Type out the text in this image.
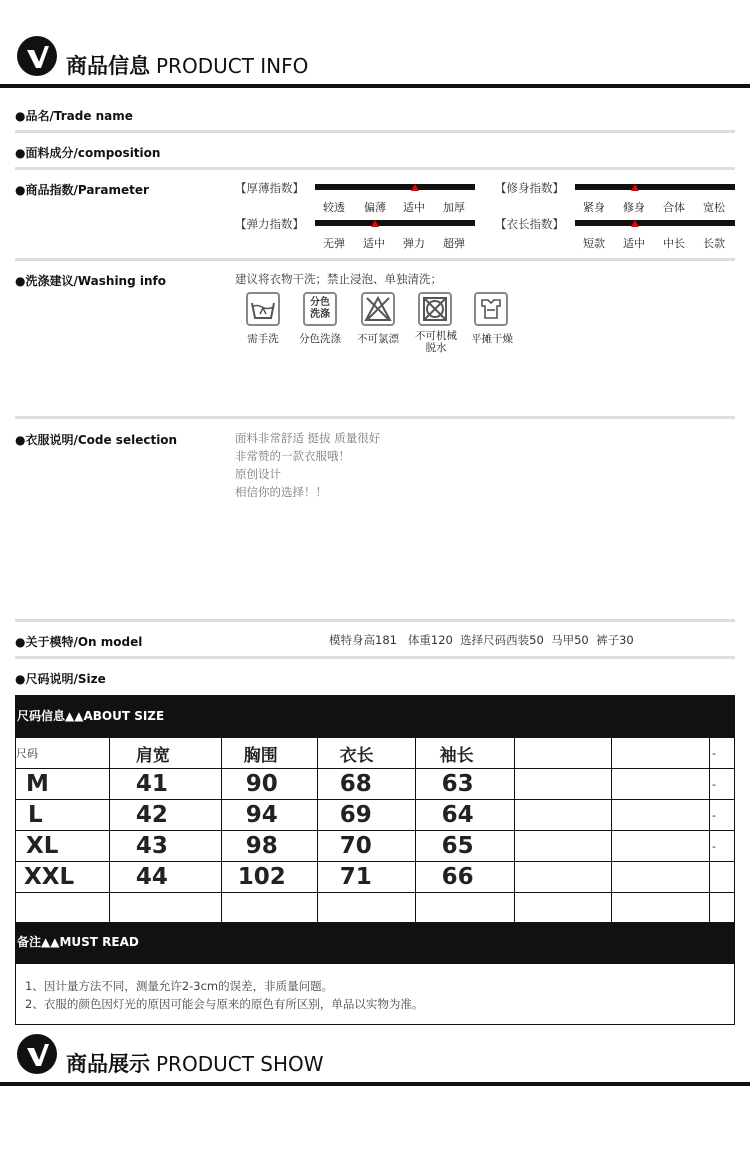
商品信息 PRODUCT INFO
●品名/Trade name
●面料成分/composition
●商品指数/Parameter	【厚薄指数】
较透 偏薄 适中 加厚
【修身指数】
紧身 修身 合体 宽松
【弹力指数】
无弹 适中 弹力 超弹
【衣长指数】
短款 适中 中长 长款
●洗涤建议/Washing info	建议将衣物干洗；禁止浸泡、单独清洗；
分色
洗涤
需手洗	分色洗涤	不可氯漂	不可机械
脱水
平摊干燥
●衣服说明/Code selection	面料非常舒适 挺拔 质量很好
非常赞的一款衣服哦！
原创设计
相信你的选择！！
●关于模特/On model	模特身高181   体重120  选择尺码西装50  马甲50  裤子30
●尺码说明/Size
尺码信息▲▲ABOUT SIZE
尺码	肩宽	胸围	衣长	袖长			-
M	41	90	68	63			-
L	42	94	69	64			-
XL	43	98	70	65			-
XXL	44	102	71	66			

备注▲▲MUST READ
1、因计量方法不同，测量允许2-3cm的误差，非质量问题。
2、衣服的颜色因灯光的原因可能会与原来的原色有所区别，单品以实物为准。
商品展示 PRODUCT SHOW
